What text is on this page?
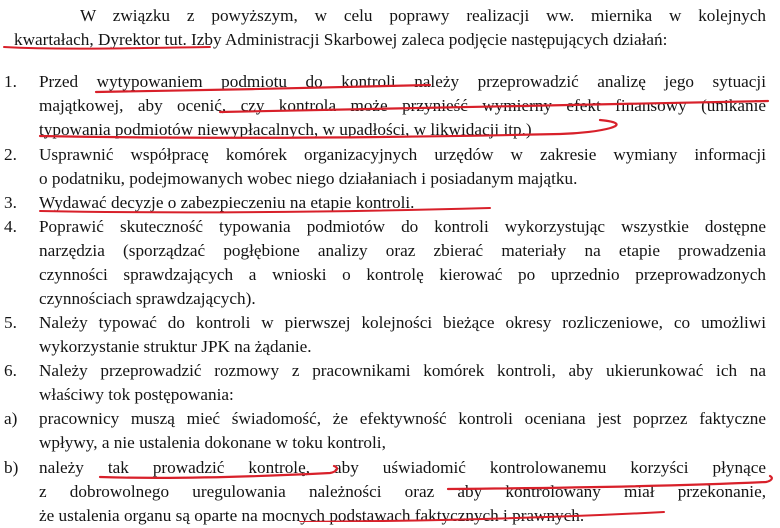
W związku z powyższym, w celu poprawy realizacji ww. miernika w kolejnych
kwartałach, Dyrektor tut. Izby Administracji Skarbowej zaleca podjęcie następujących działań:
1. Przed wytypowaniem podmiotu do kontroli należy przeprowadzić analizę jego sytuacji
majątkowej, aby ocenić, czy kontrola może przynieść wymierny efekt finansowy (unikanie
typowania podmiotów niewypłacalnych, w upadłości, w likwidacji itp.)
2. Usprawnić współpracę komórek organizacyjnych urzędów w zakresie wymiany informacji
o podatniku, podejmowanych wobec niego działaniach i posiadanym majątku.
3. Wydawać decyzje o zabezpieczeniu na etapie kontroli.
4. Poprawić skuteczność typowania podmiotów do kontroli wykorzystując wszystkie dostępne
narzędzia (sporządzać pogłębione analizy oraz zbierać materiały na etapie prowadzenia
czynności sprawdzających a wnioski o kontrolę kierować po uprzednio przeprowadzonych
czynnościach sprawdzających).
5. Należy typować do kontroli w pierwszej kolejności bieżące okresy rozliczeniowe, co umożliwi
wykorzystanie struktur JPK na żądanie.
6. Należy przeprowadzić rozmowy z pracownikami komórek kontroli, aby ukierunkować ich na
właściwy tok postępowania:
a) pracownicy muszą mieć świadomość, że efektywność kontroli oceniana jest poprzez faktyczne
wpływy, a nie ustalenia dokonane w toku kontroli,
b) należy tak prowadzić kontrolę, aby uświadomić kontrolowanemu korzyści płynące
z dobrowolnego uregulowania należności oraz aby kontrolowany miał przekonanie,
że ustalenia organu są oparte na mocnych podstawach faktycznych i prawnych.
